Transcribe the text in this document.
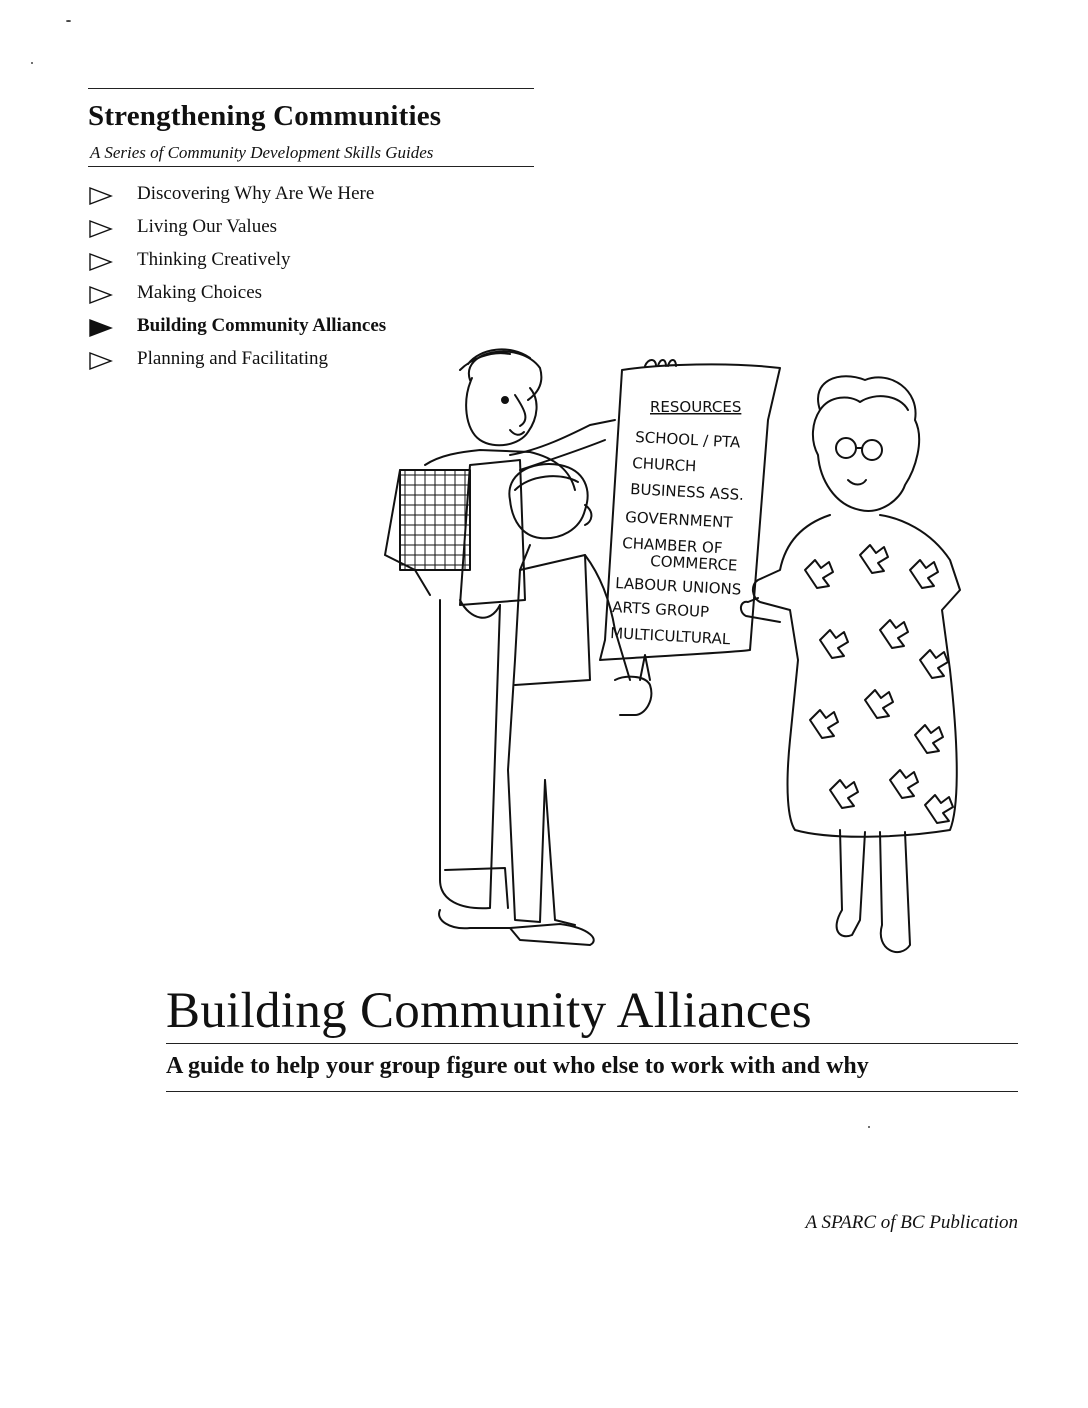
Strengthening Communities
A Series of Community Development Skills Guides
Discovering Why Are We Here
Living Our Values
Thinking Creatively
Making Choices
Building Community Alliances
Planning and Facilitating
RESOURCES
SCHOOL / PTA
CHURCH
BUSINESS ASS.
GOVERNMENT
CHAMBER OF
COMMERCE
LABOUR UNIONS
ARTS GROUP
MULTICULTURAL
Building Community Alliances
A guide to help your group figure out who else to work with and why
A SPARC of BC Publication
